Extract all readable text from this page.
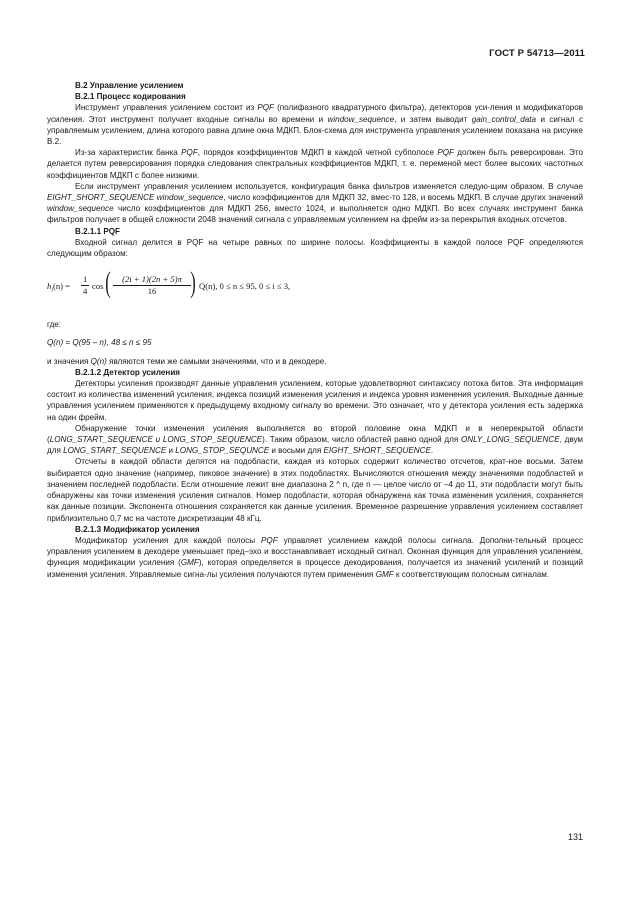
ГОСТ Р 54713—2011

В.2 Управление усилением

В.2.1 Процесс кодирования

Инструмент управления усилением состоит из PQF (полифазного квадратурного фильтра), детекторов уси-ления и модификаторов усиления. Этот инструмент получает входные сигналы во времени и window_sequence, и затем выводит gain_control_data и сигнал с управляемым усилением, длина которого равна длине окна МДКП. Блок-схема для инструмента управления усилением показана на рисунке В.2.

Из-за характеристик банка PQF, порядок коэффициентов МДКП в каждой четной субполосе PQF должен быть реверсирован. Это делается путем реверсирования порядка следования спектральных коэффициентов МДКП, т. е. переменой мест более высоких частотных коэффициентов МДКП с более низкими.

Если инструмент управления усилением используется, конфигурация банка фильтров изменяется следую-щим образом. В случае EIGHT_SHORT_SEQUENCE window_sequence, число коэффициентов для МДКП 32, вмес-то 128, и восемь МДКП. В случае других значений window_sequence число коэффициентов для МДКП 256, вместо 1024, и выполняется одно МДКП. Во всех случаях инструмент банка фильтров получает в общей сложности 2048 значений сигнала с управляемым усилением на фрейм из-за перекрытия входных отсчетов.

В.2.1.1 PQF

Входной сигнал делится в PQF на четыре равных по ширине полосы. Коэффициенты в каждой полосе PQF определяются следующим образом:

$h_i(n) = \frac{1}{4}$ cos ( $\frac{(2i + 1)(2n + 5)\pi}{16}$ ) Q(n), 0 ≤ n ≤ 95, 0 ≤ i ≤ 3,

где:

Q(n) = Q(95 – n), 48 ≤ n ≤ 95

и значения Q(n) являются теми же самыми значениями, что и в декодере.

В.2.1.2 Детектор усиления

Детекторы усиления производят данные управления усилением, которые удовлетворяют синтаксису потока битов. Эта информация состоит из количества изменений усиления, индекса позиций изменения усиления и индекса уровня изменения усиления. Выходные данные управления усилением применяются к предыдущему входному сигналу во времени. Это означает, что у детектора усиления есть задержка на один фрейм.

Обнаружение точки изменения усиления выполняется во второй половине окна МДКП и в неперекрытой области (LONG_START_SEQUENCE и LONG_STOP_SEQUENCE). Таким образом, число областей равно одной для ONLY_LONG_SEQUENCE, двум для LONG_START_SEQUENCE и LONG_STOP_SEQUNCE и восьми для EIGHT_SHORT_SEQUENCE.

Отсчеты в каждой области делятся на подобласти, каждая из которых содержит количество отсчетов, крат-ное восьми. Затем выбирается одно значение (например, пиковое значение) в этих подобластях. Вычисляются отношения между значениями подобластей и значением последней подобласти. Если отношение лежит вне диапазона 2 ^ n, где n — целое число от –4 до 11, эти подобласти могут быть обнаружены как точки изменения усиления сигналов. Номер подобласти, которая обнаружена как точка изменения усиления, сохраняется как данные позиции. Экспонента отношения сохраняется как данные усиления. Временное разрешение управления усилением составляет приблизительно 0,7 мс на частоте дискретизации 48 кГц.

В.2.1.3 Модификатор усиления

Модификатор усиления для каждой полосы PQF управляет усилением каждой полосы сигнала. Дополни-тельный процесс управления усилением в декодере уменьшает пред–эхо и восстанавливает исходный сигнал. Оконная функция для управления усилением, функция модификации усиления (GMF), которая определяется в процессе декодирования, получается из значений усилений и позиций изменения усиления. Управляемые сигна-лы усиления получаются путем применения GMF к соответствующим полосным сигналам.

131
